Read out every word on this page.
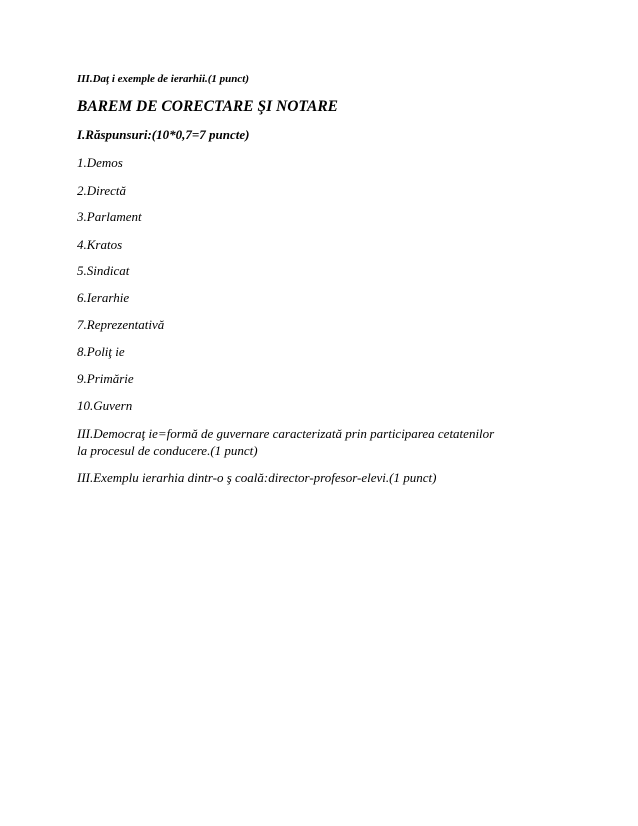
III.Daţ i exemple de ierarhii.(1 punct)
BAREM DE CORECTARE ŞI NOTARE
I.Răspunsuri:(10*0,7=7 puncte)
1.Demos
2.Directă
3.Parlament
4.Kratos
5.Sindicat
6.Ierarhie
7.Reprezentativă
8.Poliţ ie
9.Primărie
10.Guvern
III.Democraţ ie=formă de guvernare caracterizată prin participarea cetatenilor
la procesul de conducere.(1 punct)
III.Exemplu ierarhia dintr-o ş coală:director-profesor-elevi.(1 punct)
